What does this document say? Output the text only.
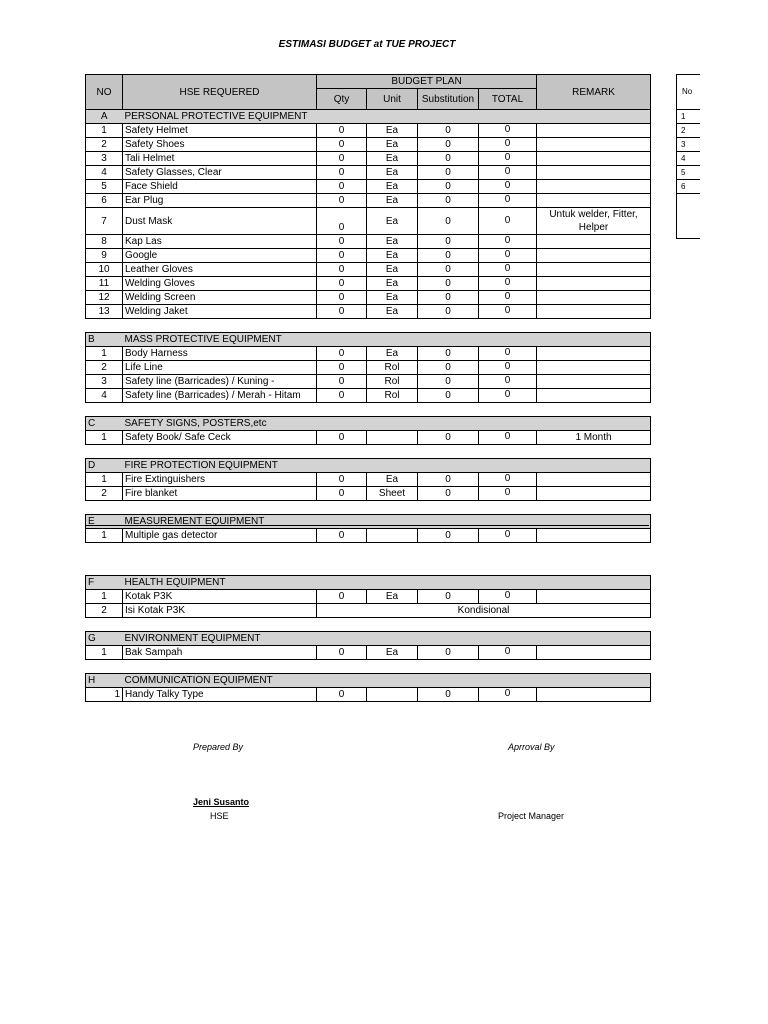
ESTIMASI BUDGET at TUE PROJECT
NO	HSE REQUERED	BUDGET PLAN				REMARK
		Qty	Unit	Substitution	TOTAL	
A	PERSONAL PROTECTIVE EQUIPMENT					
1	Safety Helmet	0	Ea	0	0	
2	Safety Shoes	0	Ea	0	0	
3	Tali Helmet	0	Ea	0	0	
4	Safety Glasses, Clear	0	Ea	0	0	
5	Face Shield	0	Ea	0	0	
6	Ear Plug	0	Ea	0	0	
7	Dust Mask	0	Ea	0	0	Untuk welder, Fitter, Helper
8	Kap Las	0	Ea	0	0	
9	Google	0	Ea	0	0	
10	Leather Gloves	0	Ea	0	0	
11	Welding Gloves	0	Ea	0	0	
12	Welding Screen	0	Ea	0	0	
13	Welding Jaket	0	Ea	0	0	

B	MASS PROTECTIVE EQUIPMENT					
1	Body Harness	0	Ea	0	0	
2	Life Line	0	Rol	0	0	
3	Safety line (Barricades) / Kuning -	0	Rol	0	0	
4	Safety line (Barricades) / Merah - Hitam	0	Rol	0	0	

C	SAFETY SIGNS, POSTERS,etc					
1	Safety Book/ Safe Ceck	0		0	0	1 Month

D	FIRE PROTECTION EQUIPMENT					
1	Fire Extinguishers	0	Ea	0	0	
2	Fire blanket	0	Sheet	0	0	

E	MEASUREMENT EQUIPMENT					
1	Multiple gas detector	0		0	0	
F	HEALTH EQUIPMENT					
1	Kotak P3K	0	Ea	0	0	
2	Isi Kotak P3K	Kondisional				

G	ENVIRONMENT EQUIPMENT					
1	Bak Sampah	0	Ea	0	0	

H	COMMUNICATION EQUIPMENT					
1	Handy Talky Type	0		0	0	
No
1
2
3
4
5
6

Prepared By	Aprroval By
Jeni Susanto
HSE	Project Manager
